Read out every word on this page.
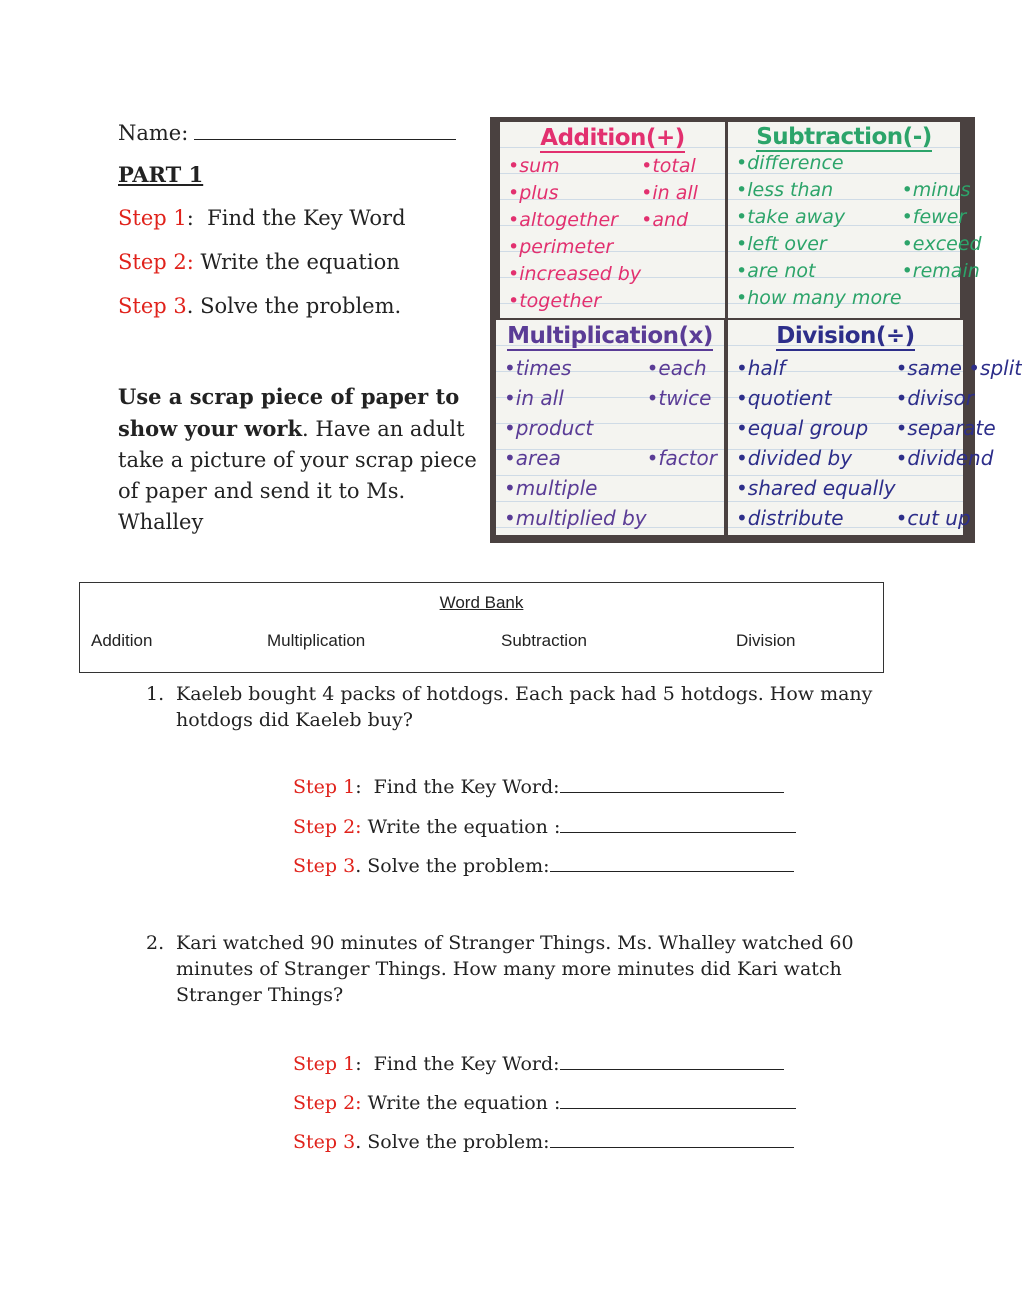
Name:
PART 1
Step 1:  Find the Key Word
Step 2: Write the equation
Step 3. Solve the problem.
Use a scrap piece of paper to show your work. Have an adult take a picture of your scrap piece of paper and send it to Ms. Whalley
Addition(+)
•sum	•total
•plus	•in all
•altogether	•and
•perimeter
•increased by
•together
Subtraction(-)
•difference
•less than	•minus
•take away	•fewer
•left over	•exceed
•are not	•remain
•how many more
Multiplication(x)
•times	•each
•in all	•twice
•product
•area	•factor
•multiple
•multiplied by
Division(÷)
•half	•same •split
•quotient	•divisor
•equal group	•separate
•divided by	•dividend
•shared equally
•distribute	•cut up
Word Bank
Addition	Multiplication	Subtraction	Division
1. Kaeleb bought 4 packs of hotdogs. Each pack had 5 hotdogs. How many hotdogs did Kaeleb buy?
Step 1:  Find the Key Word:
Step 2: Write the equation :
Step 3. Solve the problem:
2. Kari watched 90 minutes of Stranger Things. Ms. Whalley watched 60 minutes of Stranger Things. How many more minutes did Kari watch Stranger Things?
Step 1:  Find the Key Word:
Step 2: Write the equation :
Step 3. Solve the problem:
